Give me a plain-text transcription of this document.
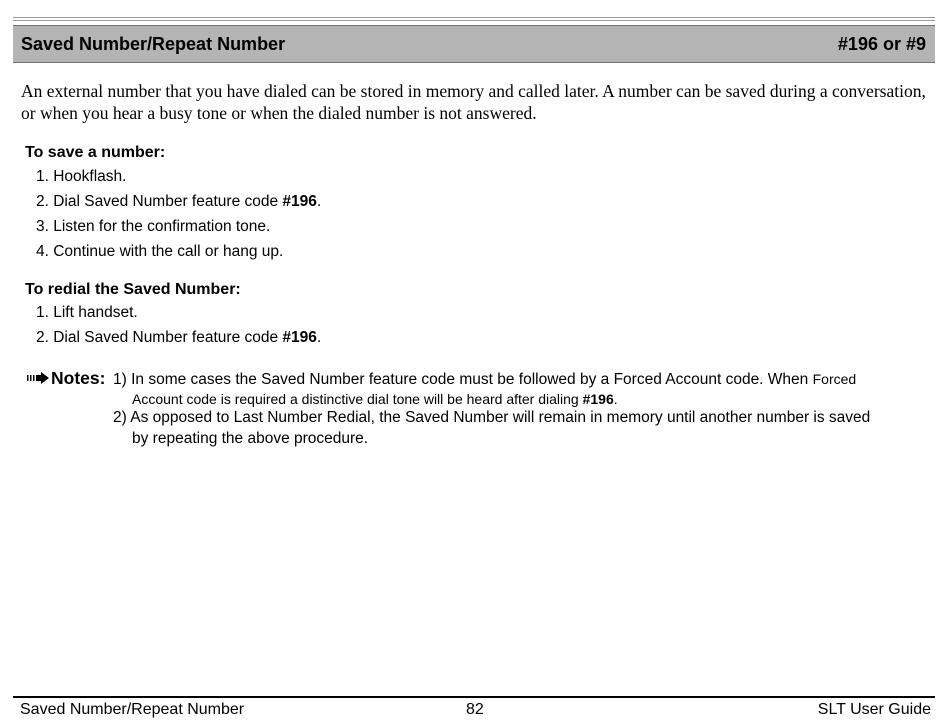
Saved Number/Repeat Number	#196 or #9
An external number that you have dialed can be stored in memory and called later. A number can be saved during a conversation, or when you hear a busy tone or when the dialed number is not answered.
To save a number:
1. Hookflash.
2. Dial Saved Number feature code #196.
3. Listen for the confirmation tone.
4. Continue with the call or hang up.
To redial the Saved Number:
1. Lift handset.
2. Dial Saved Number feature code #196.
Notes: 1) In some cases the Saved Number feature code must be followed by a Forced Account code. When Forced
Account code is required a distinctive dial tone will be heard after dialing #196.
2) As opposed to Last Number Redial, the Saved Number will remain in memory until another number is saved
by repeating the above procedure.
Saved Number/Repeat Number	82	SLT User Guide
